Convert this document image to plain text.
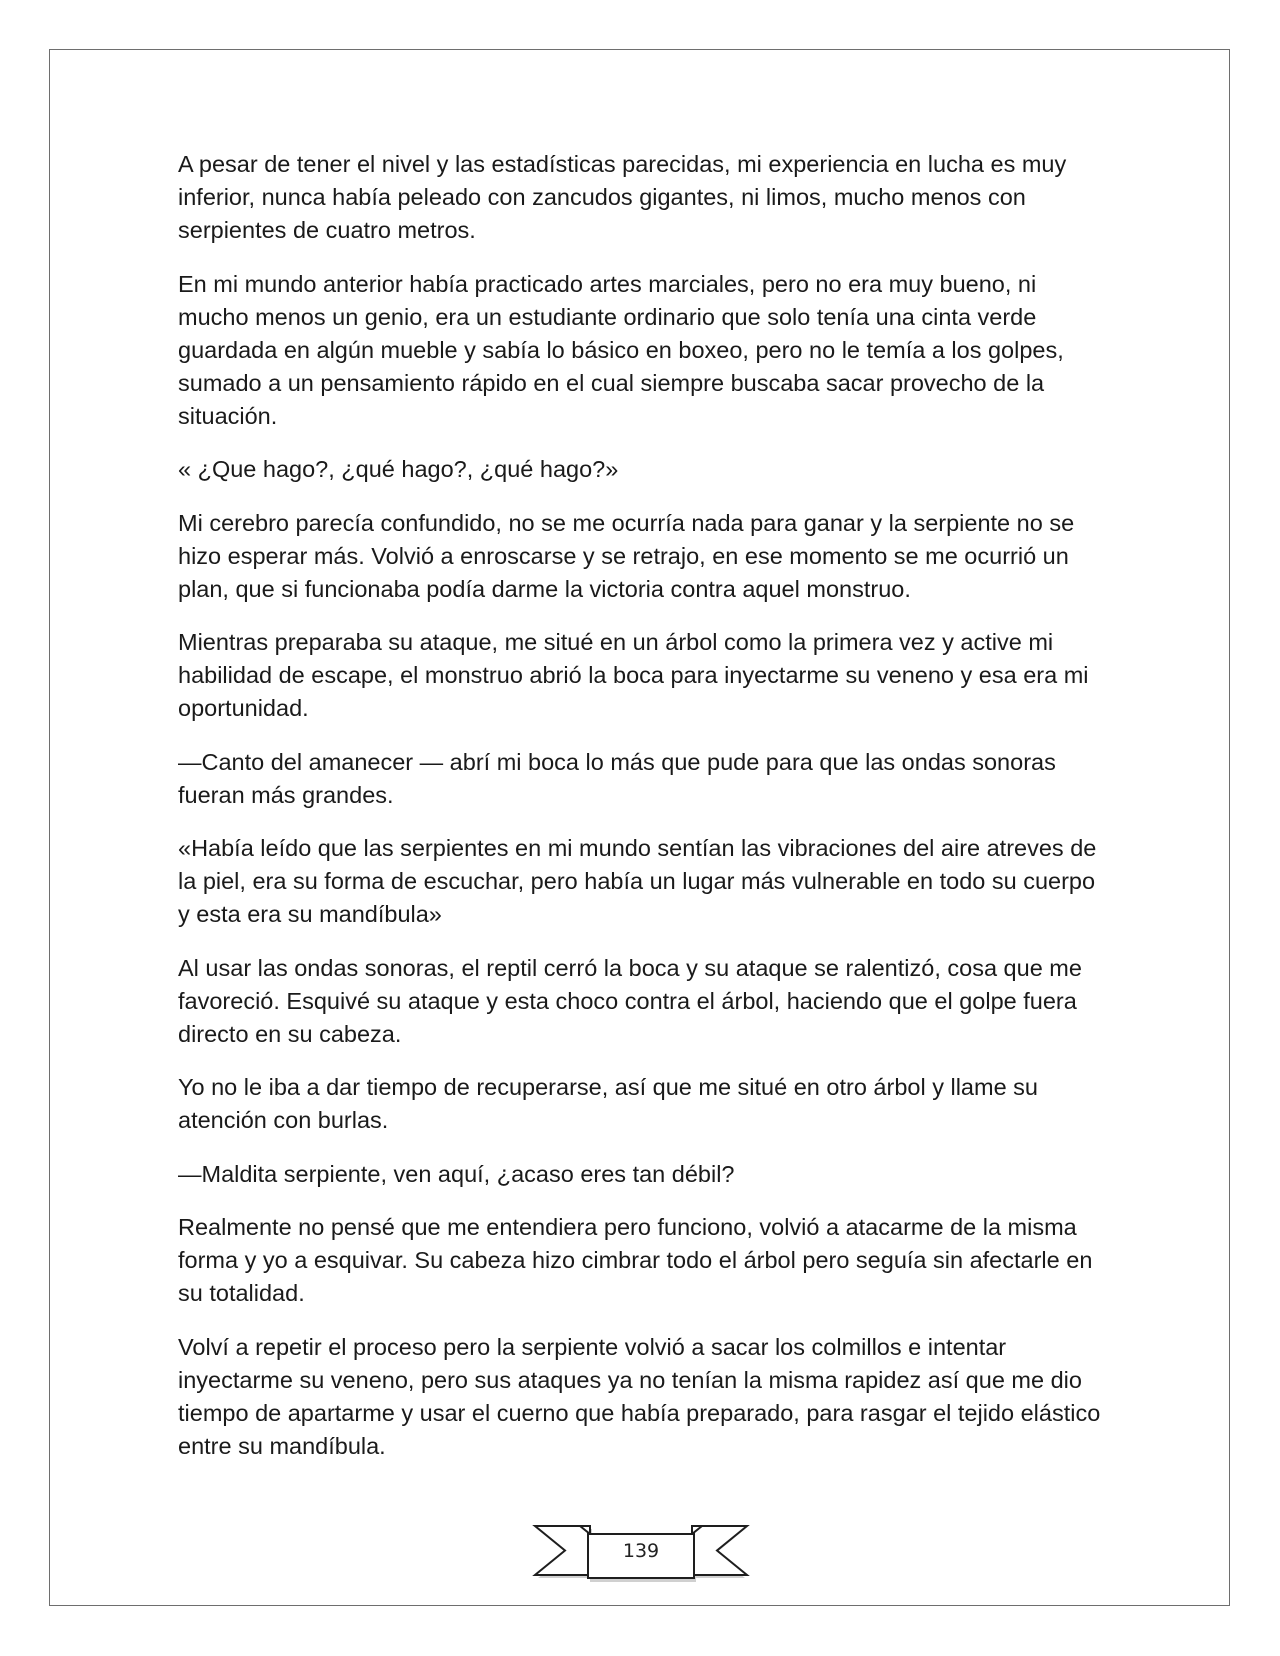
A pesar de tener el nivel y las estadísticas parecidas, mi experiencia en lucha es muy inferior, nunca había peleado con zancudos gigantes, ni limos, mucho menos con serpientes de cuatro metros.

En mi mundo anterior había practicado artes marciales, pero no era muy bueno, ni mucho menos un genio, era un estudiante ordinario que solo tenía una cinta verde guardada en algún mueble y sabía lo básico en boxeo, pero no le temía a los golpes, sumado a un pensamiento rápido en el cual siempre buscaba sacar provecho de la situación.

« ¿Que hago?, ¿qué hago?, ¿qué hago?»

Mi cerebro parecía confundido, no se me ocurría nada para ganar y la serpiente no se hizo esperar más. Volvió a enroscarse y se retrajo, en ese momento se me ocurrió un plan, que si funcionaba podía darme la victoria contra aquel monstruo.

Mientras preparaba su ataque, me situé en un árbol como la primera vez y active mi habilidad de escape, el monstruo abrió la boca para inyectarme su veneno y esa era mi oportunidad.

—Canto del amanecer — abrí mi boca lo más que pude para que las ondas sonoras fueran más grandes.

«Había leído que las serpientes en mi mundo sentían las vibraciones del aire atreves de la piel, era su forma de escuchar, pero había un lugar más vulnerable en todo su cuerpo y esta era su mandíbula»

Al usar las ondas sonoras, el reptil cerró la boca y su ataque se ralentizó, cosa que me favoreció. Esquivé su ataque y esta choco contra el árbol, haciendo que el golpe fuera directo en su cabeza.

Yo no le iba a dar tiempo de recuperarse, así que me situé en otro árbol y llame su atención con burlas.

—Maldita serpiente, ven aquí, ¿acaso eres tan débil?

Realmente no pensé que me entendiera pero funciono, volvió a atacarme de la misma forma y yo a esquivar. Su cabeza hizo cimbrar todo el árbol pero seguía sin afectarle en su totalidad.

Volví a repetir el proceso pero la serpiente volvió a sacar los colmillos e intentar inyectarme su veneno, pero sus ataques ya no tenían la misma rapidez así que me dio tiempo de apartarme y usar el cuerno que había preparado, para rasgar el tejido elástico entre su mandíbula.

139
